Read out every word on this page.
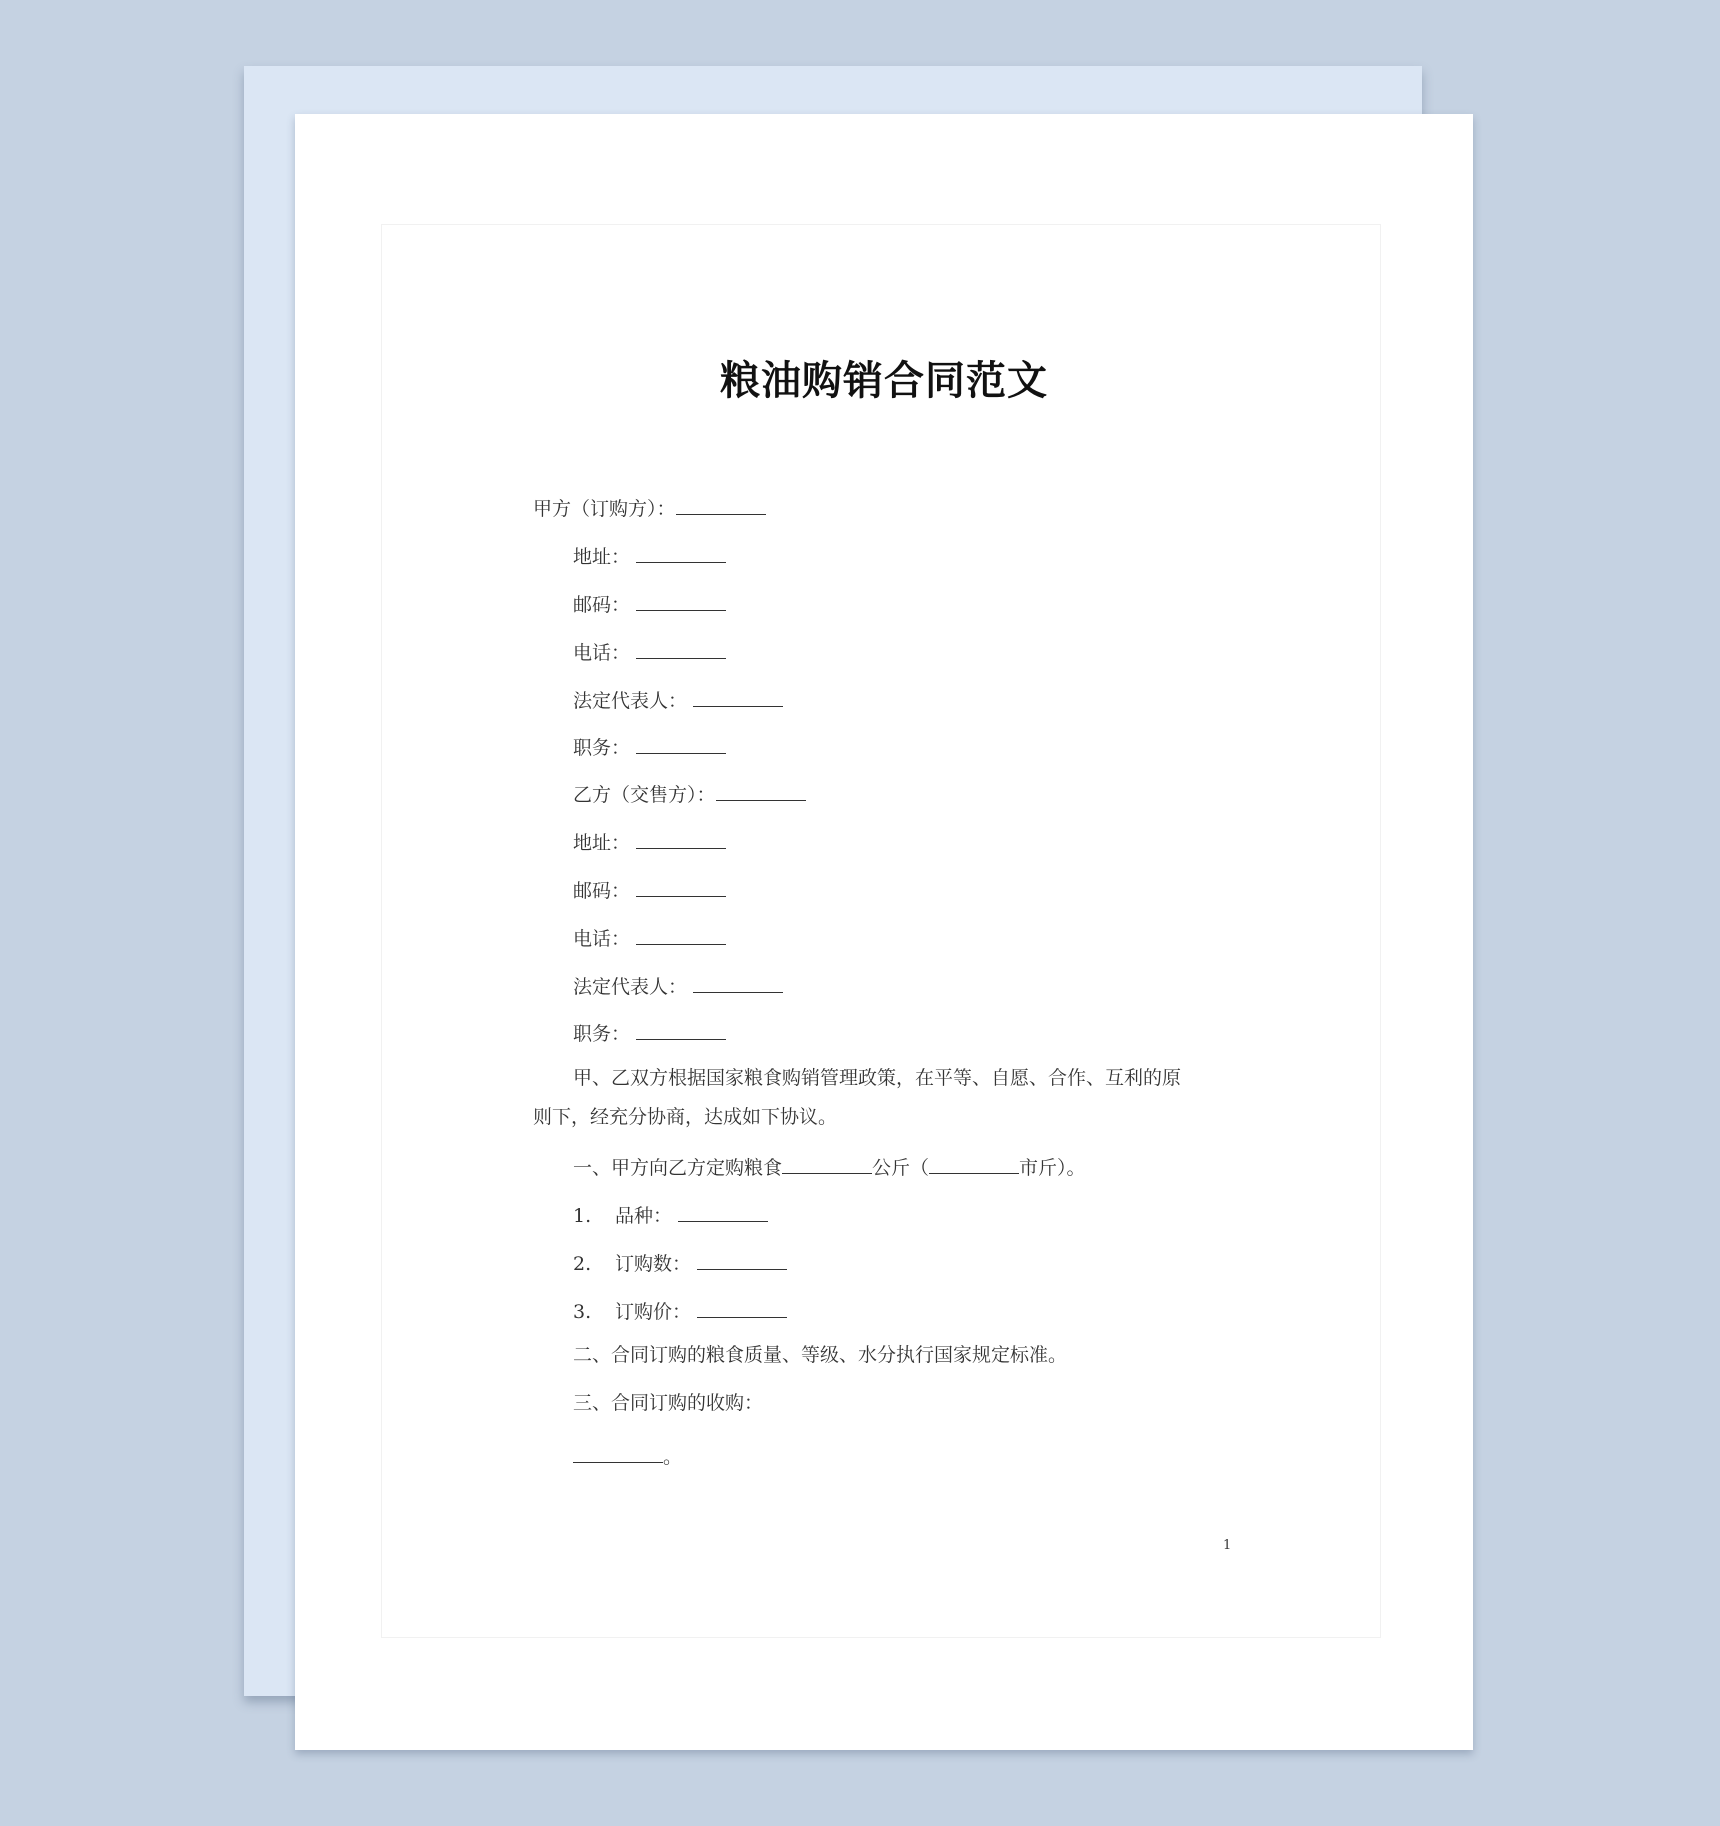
粮油购销合同范文
甲方（订购方）：
地址：
邮码：
电话：
法定代表人：
职务：
乙方（交售方）：
地址：
邮码：
电话：
法定代表人：
职务：
甲、乙双方根据国家粮食购销管理政策，在平等、自愿、合作、互利的原
则下，经充分协商，达成如下协议。
一、甲方向乙方定购粮食	公斤（	市斤）。
1. 品种：
2. 订购数：
3. 订购价：
二、合同订购的粮食质量、等级、水分执行国家规定标准。
三、合同订购的收购：
。
1
